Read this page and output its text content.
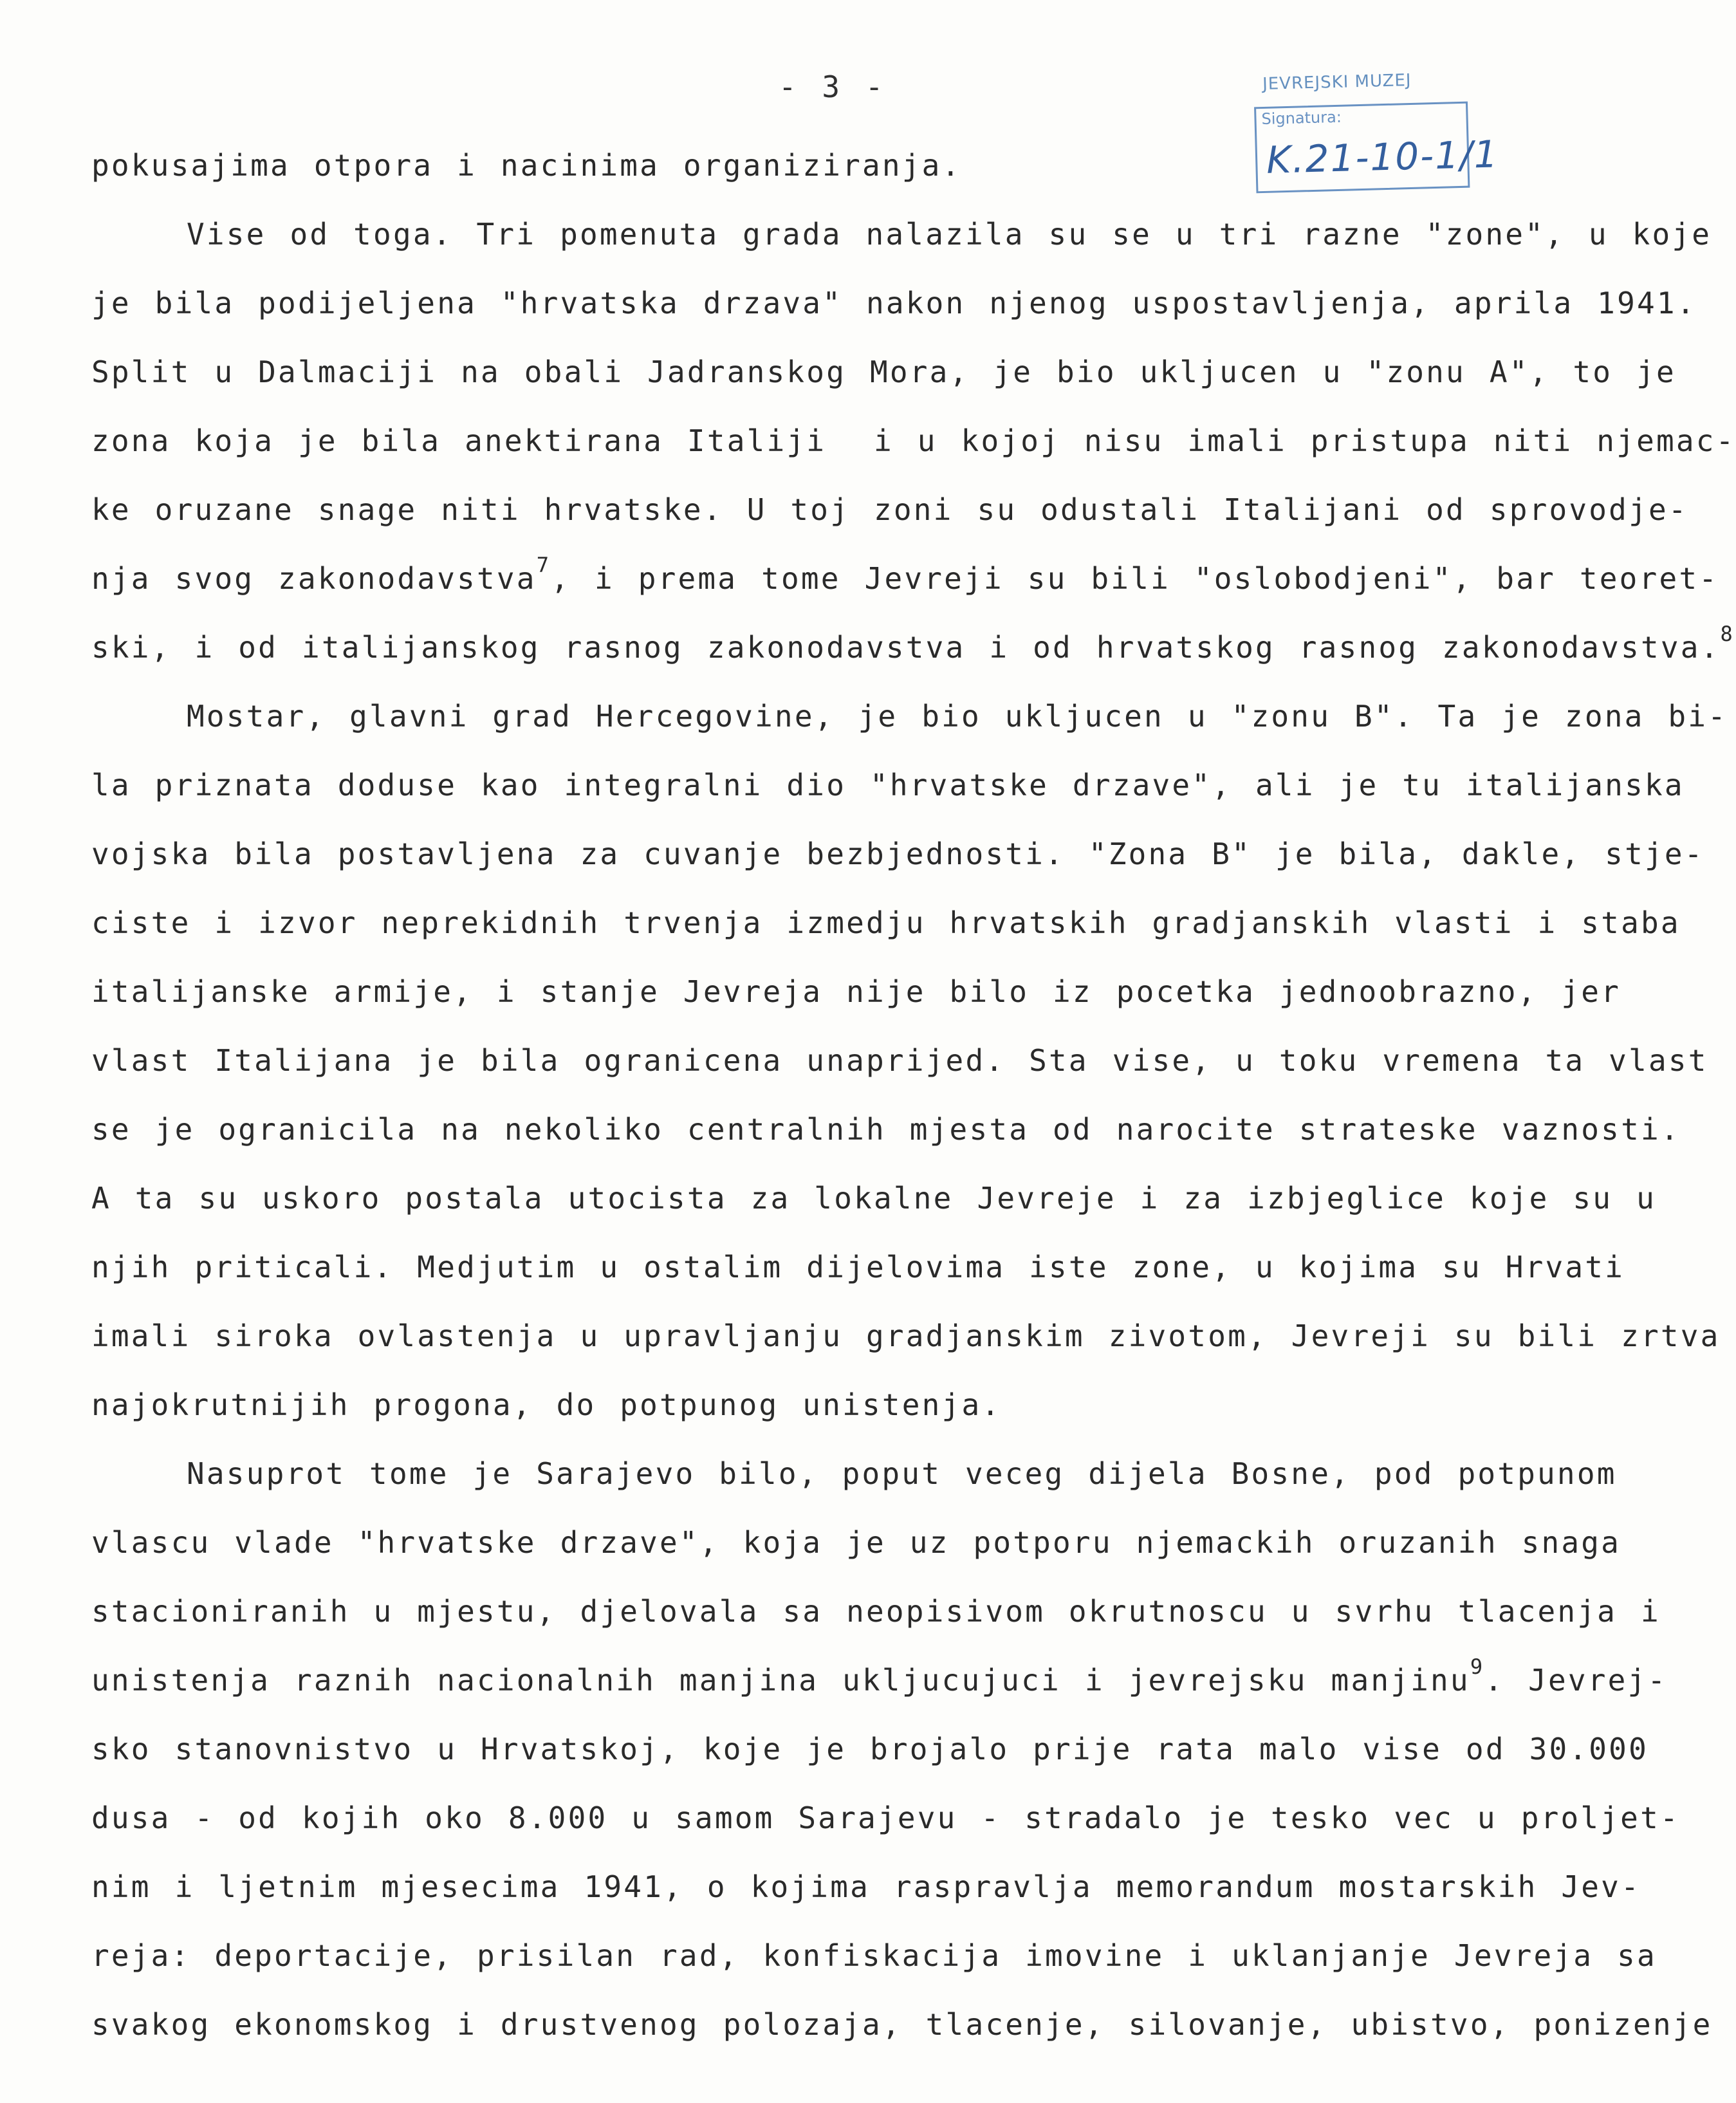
- 3 -	JEVREJSKI MUZEJ
Signatura:
K.21-10-1/1
pokusajima otpora i nacinima organiziranja.
Vise od toga. Tri pomenuta grada nalazila su se u tri razne "zone", u koje
je bila podijeljena "hrvatska drzava" nakon njenog uspostavljenja, aprila 1941.
Split u Dalmaciji na obali Jadranskog Mora, je bio ukljucen u "zonu A", to je
zona koja je bila anektirana Italiji  i u kojoj nisu imali pristupa niti njemac-
ke oruzane snage niti hrvatske. U toj zoni su odustali Italijani od sprovodje-
nja svog zakonodavstva$^7$, i prema tome Jevreji su bili "oslobodjeni", bar teoret-
ski, i od italijanskog rasnog zakonodavstva i od hrvatskog rasnog zakonodavstva.$^8$
Mostar, glavni grad Hercegovine, je bio ukljucen u "zonu B". Ta je zona bi-
la priznata doduse kao integralni dio "hrvatske drzave", ali je tu italijanska
vojska bila postavljena za cuvanje bezbjednosti. "Zona B" je bila, dakle, stje-
ciste i izvor neprekidnih trvenja izmedju hrvatskih gradjanskih vlasti i staba
italijanske armije, i stanje Jevreja nije bilo iz pocetka jednoobrazno, jer
vlast Italijana je bila ogranicena unaprijed. Sta vise, u toku vremena ta vlast
se je ogranicila na nekoliko centralnih mjesta od narocite strateske vaznosti.
A ta su uskoro postala utocista za lokalne Jevreje i za izbjeglice koje su u
njih priticali. Medjutim u ostalim dijelovima iste zone, u kojima su Hrvati
imali siroka ovlastenja u upravljanju gradjanskim zivotom, Jevreji su bili zrtva
najokrutnijih progona, do potpunog unistenja.
Nasuprot tome je Sarajevo bilo, poput veceg dijela Bosne, pod potpunom
vlascu vlade "hrvatske drzave", koja je uz potporu njemackih oruzanih snaga
stacioniranih u mjestu, djelovala sa neopisivom okrutnoscu u svrhu tlacenja i
unistenja raznih nacionalnih manjina ukljucujuci i jevrejsku manjinu$^9$. Jevrej-
sko stanovnistvo u Hrvatskoj, koje je brojalo prije rata malo vise od 30.000
dusa - od kojih oko 8.000 u samom Sarajevu - stradalo je tesko vec u proljet-
nim i ljetnim mjesecima 1941, o kojima raspravlja memorandum mostarskih Jev-
reja: deportacije, prisilan rad, konfiskacija imovine i uklanjanje Jevreja sa
svakog ekonomskog i drustvenog polozaja, tlacenje, silovanje, ubistvo, ponizenje
